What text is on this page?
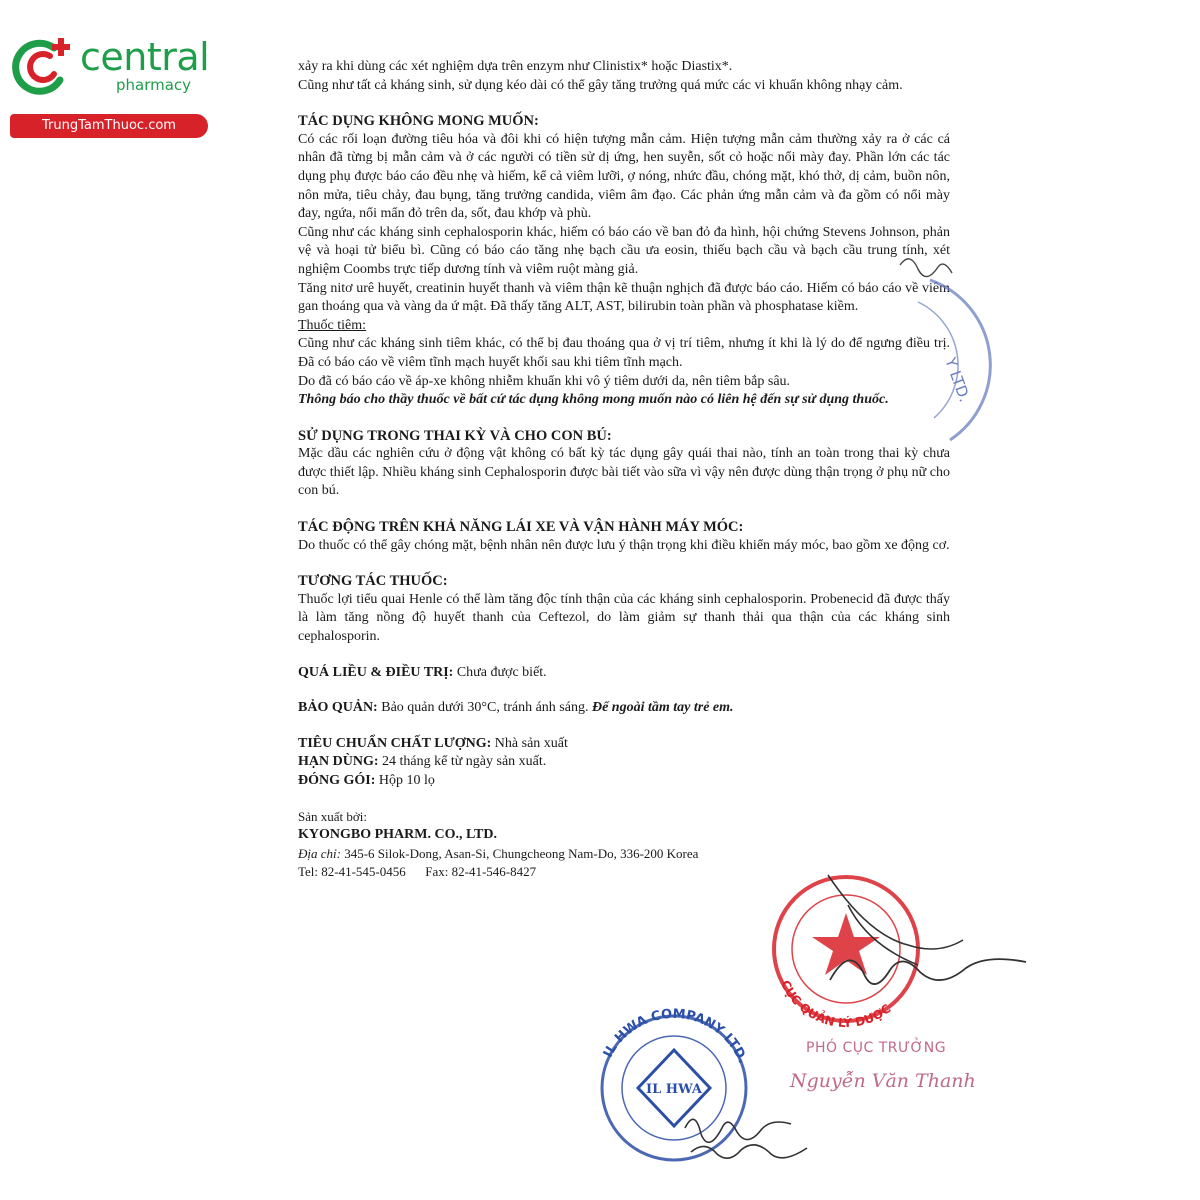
central
pharmacy
TrungTamThuoc.com

xảy ra khi dùng các xét nghiệm dựa trên enzym như Clinistix* hoặc Diastix*.

Cũng như tất cả kháng sinh, sử dụng kéo dài có thể gây tăng trưởng quá mức các vi khuẩn không nhạy cảm.

TÁC DỤNG KHÔNG MONG MUỐN:

Có các rối loạn đường tiêu hóa và đôi khi có hiện tượng mẫn cảm. Hiện tượng mẫn cảm thường xảy ra ở các cá nhân đã từng bị mẫn cảm và ở các người có tiền sử dị ứng, hen suyễn, sốt cỏ hoặc nổi mày đay. Phần lớn các tác dụng phụ được báo cáo đều nhẹ và hiếm, kể cả viêm lưỡi, ợ nóng, nhức đầu, chóng mặt, khó thở, dị cảm, buồn nôn, nôn mửa, tiêu chảy, đau bụng, tăng trưởng candida, viêm âm đạo. Các phản ứng mẫn cảm và đa gồm có nổi mày đay, ngứa, nổi mẩn đỏ trên da, sốt, đau khớp và phù.

Cũng như các kháng sinh cephalosporin khác, hiếm có báo cáo về ban đỏ đa hình, hội chứng Stevens Johnson, phản vệ và hoại tử biểu bì. Cũng có báo cáo tăng nhẹ bạch cầu ưa eosin, thiếu bạch cầu và bạch cầu trung tính, xét nghiệm Coombs trực tiếp dương tính và viêm ruột màng giả.

Tăng nitơ urê huyết, creatinin huyết thanh và viêm thận kẽ thuận nghịch đã được báo cáo. Hiếm có báo cáo về viêm gan thoáng qua và vàng da ứ mật. Đã thấy tăng ALT, AST, bilirubin toàn phần và phosphatase kiềm.

Thuốc tiêm:

Cũng như các kháng sinh tiêm khác, có thể bị đau thoáng qua ở vị trí tiêm, nhưng ít khi là lý do để ngưng điều trị. Đã có báo cáo về viêm tĩnh mạch huyết khối sau khi tiêm tĩnh mạch.

Do đã có báo cáo về áp-xe không nhiễm khuẩn khi vô ý tiêm dưới da, nên tiêm bắp sâu.

Thông báo cho thầy thuốc về bất cứ tác dụng không mong muốn nào có liên hệ đến sự sử dụng thuốc.

SỬ DỤNG TRONG THAI KỲ VÀ CHO CON BÚ:

Mặc dầu các nghiên cứu ở động vật không có bất kỳ tác dụng gây quái thai nào, tính an toàn trong thai kỳ chưa được thiết lập. Nhiều kháng sinh Cephalosporin được bài tiết vào sữa vì vậy nên được dùng thận trọng ở phụ nữ cho con bú.

TÁC ĐỘNG TRÊN KHẢ NĂNG LÁI XE VÀ VẬN HÀNH MÁY MÓC:

Do thuốc có thể gây chóng mặt, bệnh nhân nên được lưu ý thận trọng khi điều khiển máy móc, bao gồm xe động cơ.

TƯƠNG TÁC THUỐC:

Thuốc lợi tiểu quai Henle có thể làm tăng độc tính thận của các kháng sinh cephalosporin. Probenecid đã được thấy là làm tăng nồng độ huyết thanh của Ceftezol, do làm giảm sự thanh thải qua thận của các kháng sinh cephalosporin.

QUÁ LIỀU & ĐIỀU TRỊ: Chưa được biết.

BẢO QUẢN: Bảo quản dưới 30°C, tránh ánh sáng. Để ngoài tầm tay trẻ em.

TIÊU CHUẨN CHẤT LƯỢNG: Nhà sản xuất

HẠN DÙNG: 24 tháng kể từ ngày sản xuất.

ĐÓNG GÓI: Hộp 10 lọ

Sản xuất bởi:

KYONGBO PHARM. CO., LTD.

Địa chỉ: 345-6 Silok-Dong, Asan-Si, Chungcheong Nam-Do, 336-200 Korea

Tel: 82-41-545-0456 Fax: 82-41-546-8427

Y LTD.
CỤC QUẢN LÝ DƯỢC
IL HWA COMPANY LTD.
IL HWA
PHÓ CỤC TRƯỞNG
Nguyễn Văn Thanh
